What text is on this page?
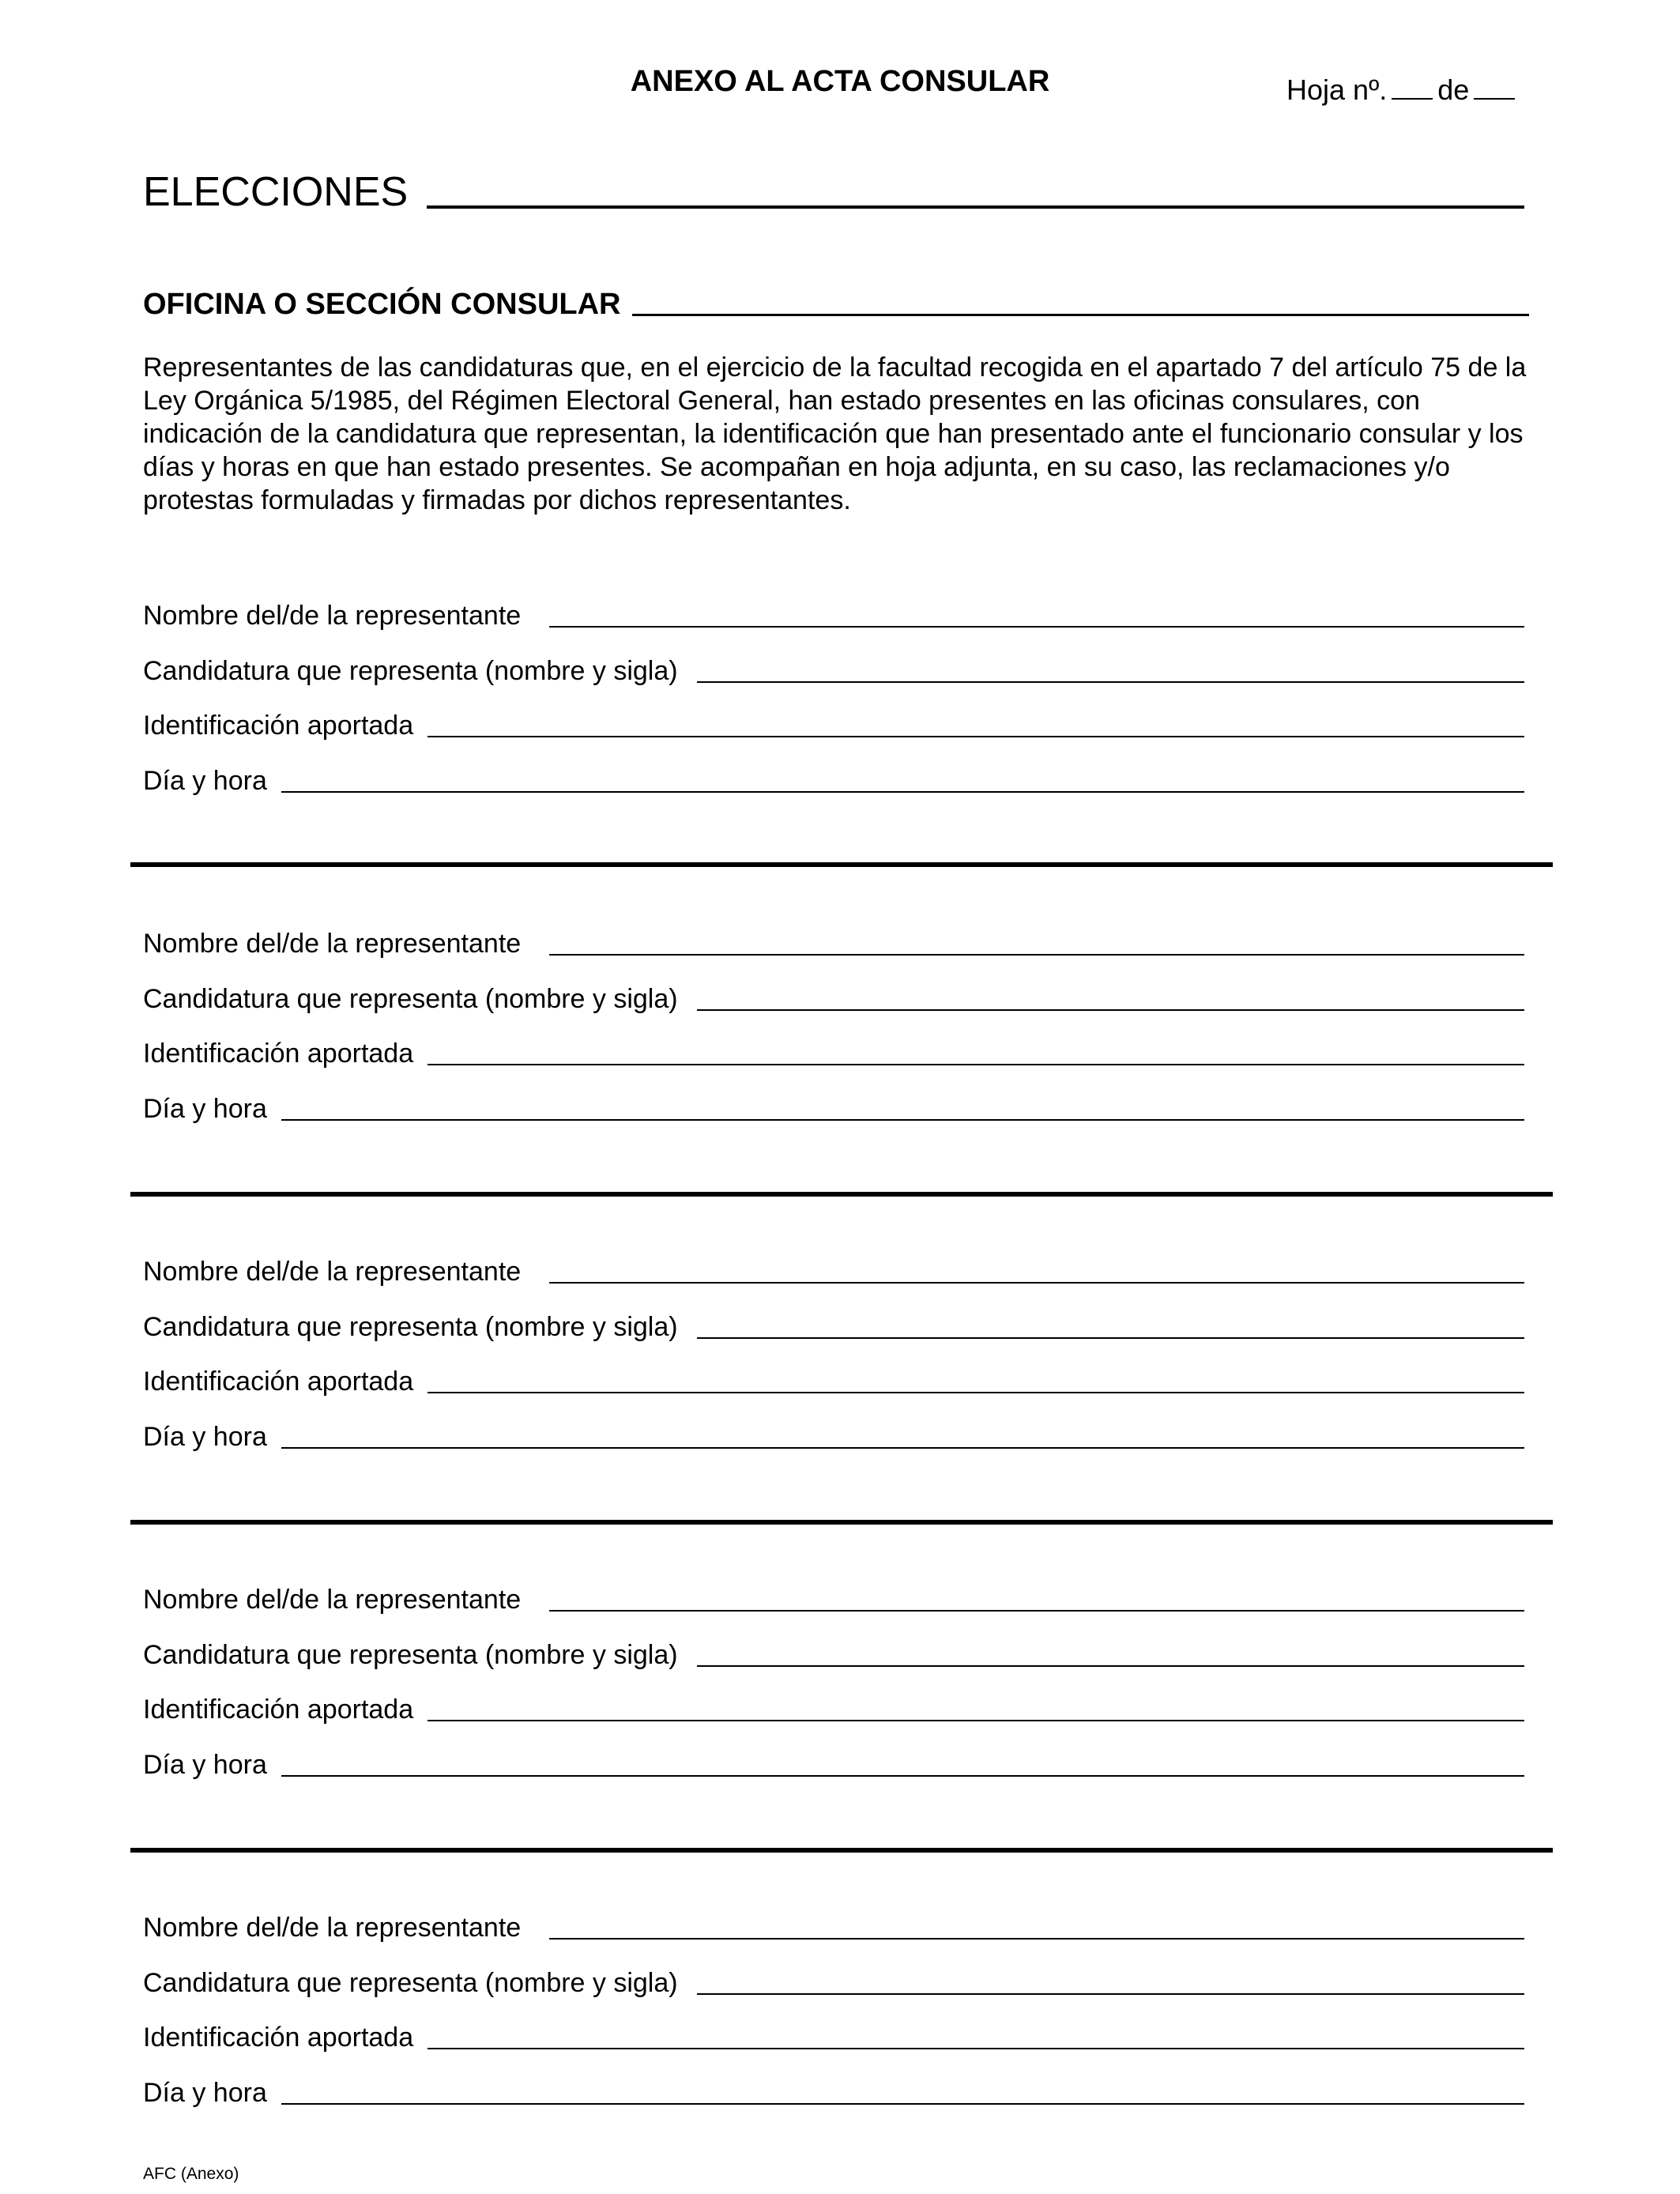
ANEXO AL ACTA CONSULAR	Hoja nº. de
ELECCIONES
OFICINA O SECCIÓN CONSULAR
Representantes de las candidaturas que, en el ejercicio de la facultad recogida en el apartado 7 del artículo 75 de la Ley Orgánica 5/1985, del Régimen Electoral General, han estado presentes en las oficinas consulares, con indicación de la candidatura que representan, la identificación que han presentado ante el funcionario consular y los días y horas en que han estado presentes. Se acompañan en hoja adjunta, en su caso, las reclamaciones y/o protestas formuladas y firmadas por dichos representantes.
Nombre del/de la representante
Candidatura que representa (nombre y sigla)
Identificación aportada
Día y hora
Nombre del/de la representante
Candidatura que representa (nombre y sigla)
Identificación aportada
Día y hora
Nombre del/de la representante
Candidatura que representa (nombre y sigla)
Identificación aportada
Día y hora
Nombre del/de la representante
Candidatura que representa (nombre y sigla)
Identificación aportada
Día y hora
Nombre del/de la representante
Candidatura que representa (nombre y sigla)
Identificación aportada
Día y hora
AFC (Anexo)
